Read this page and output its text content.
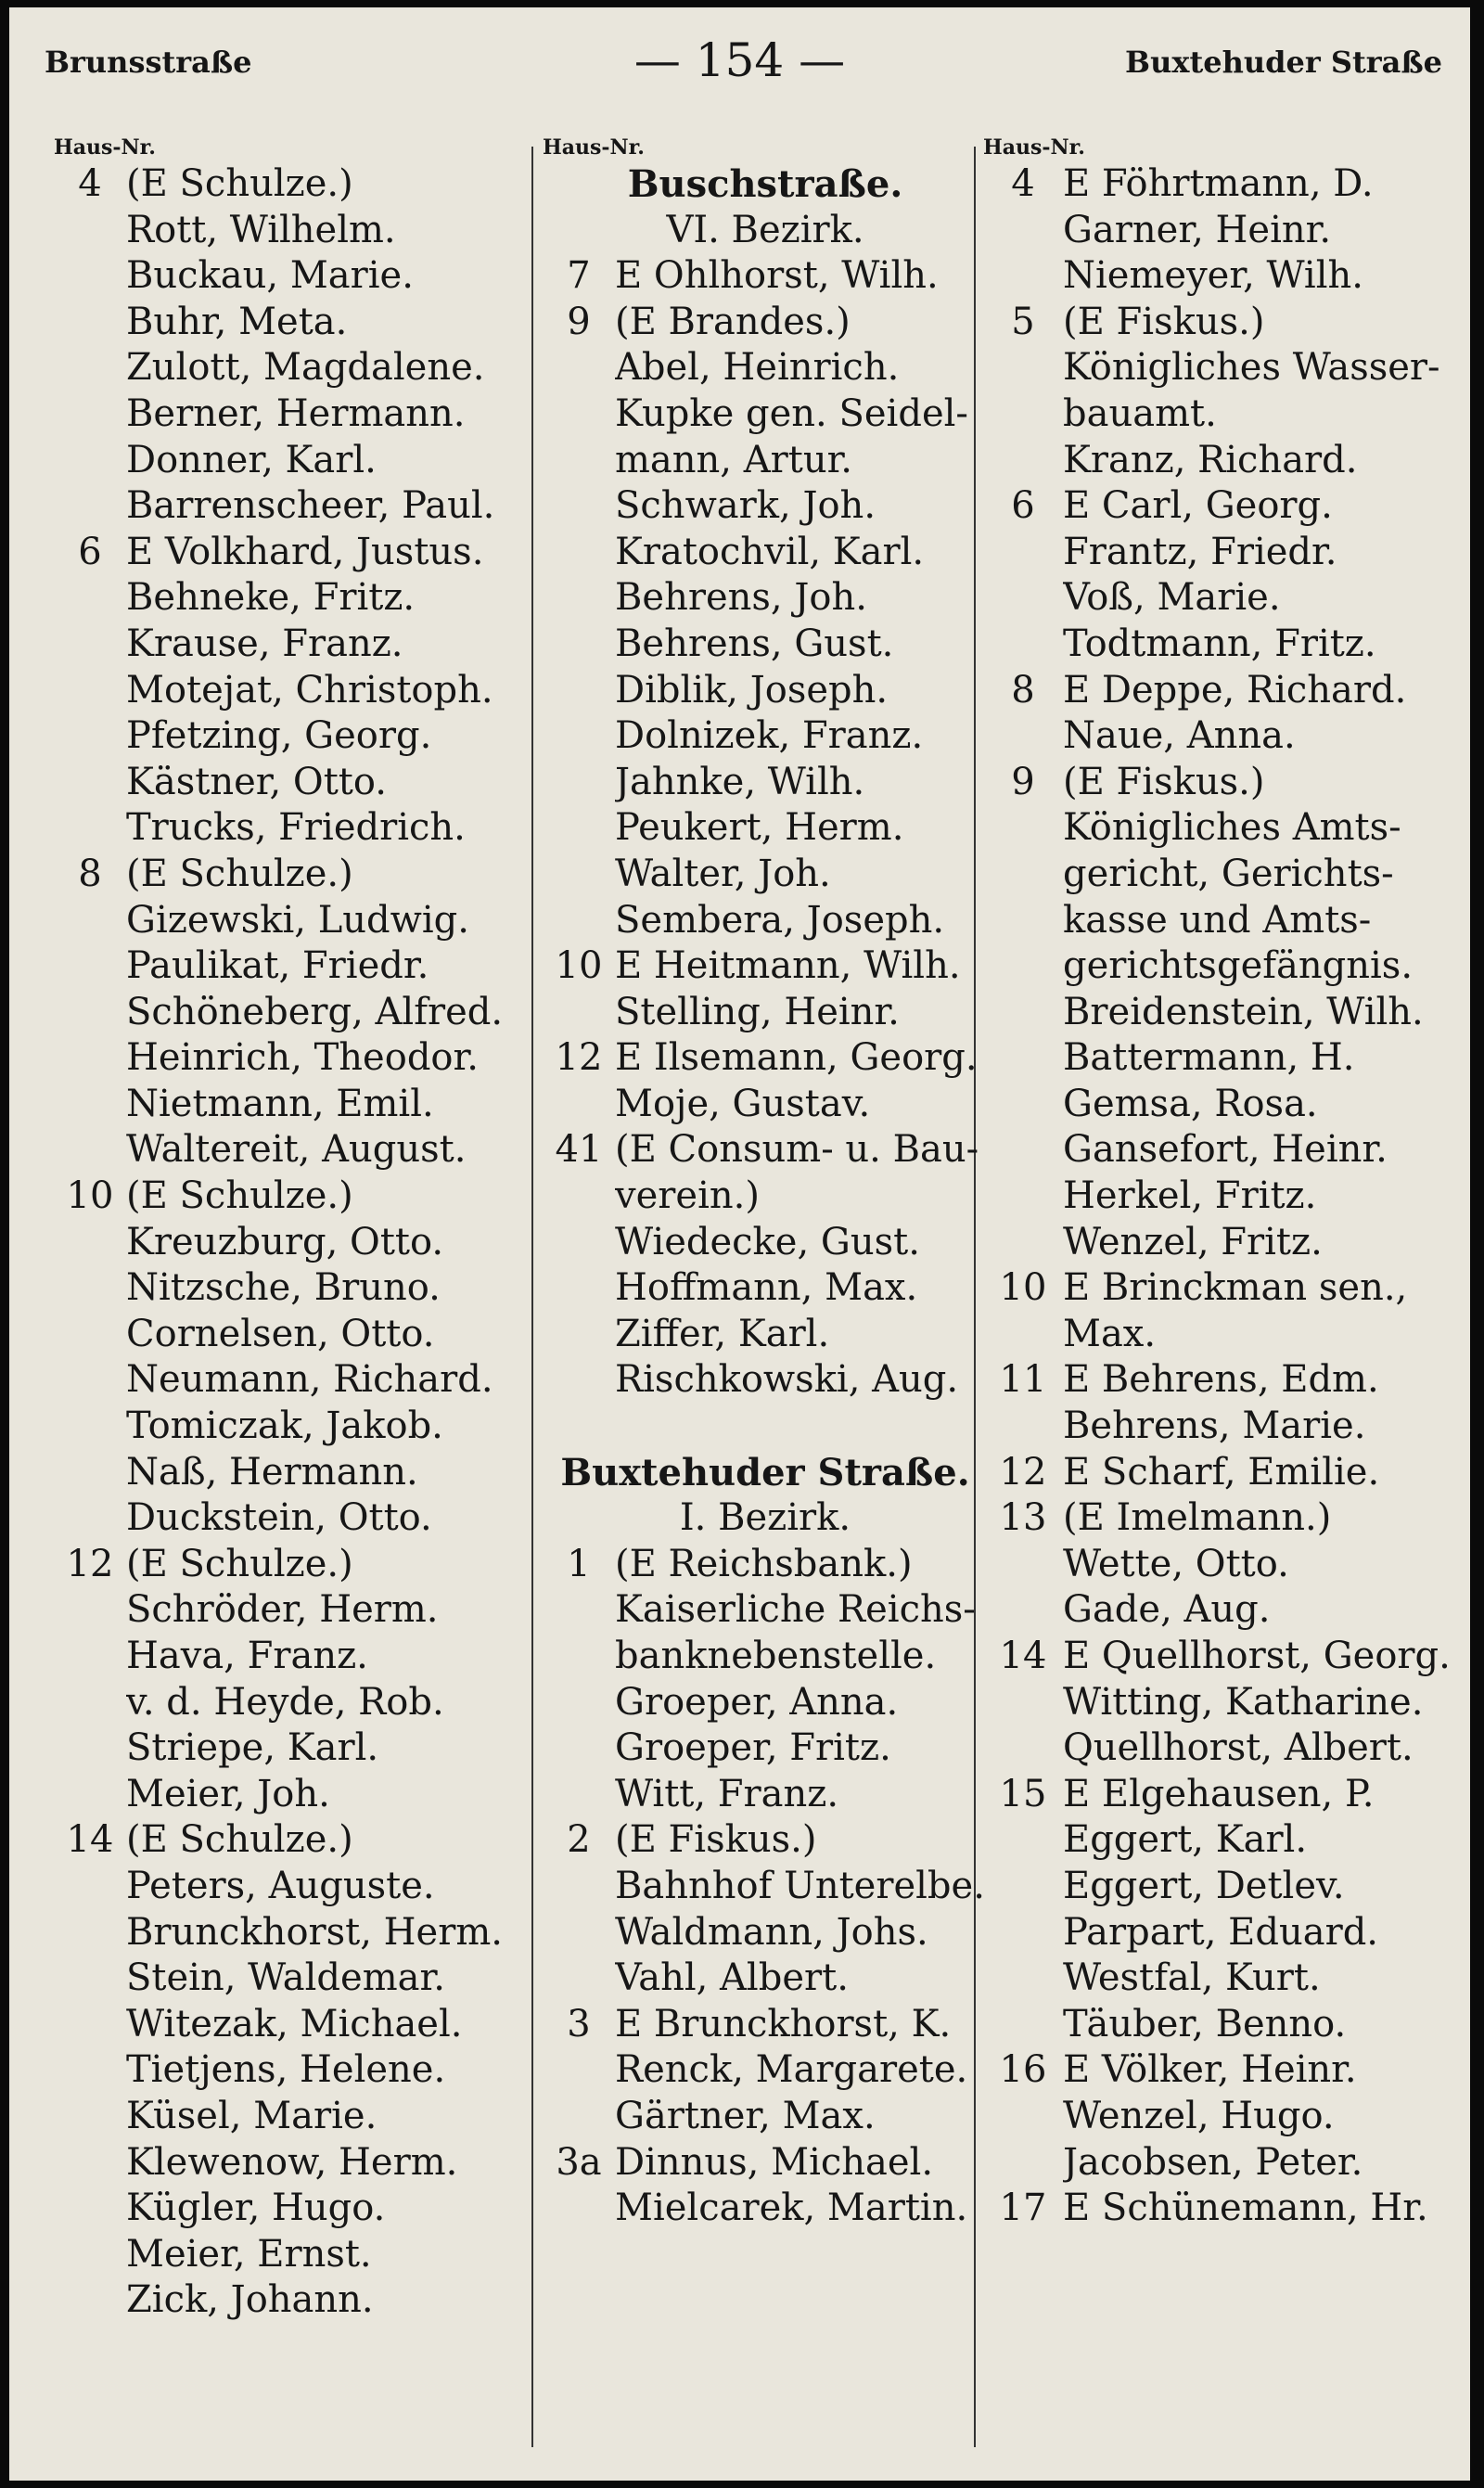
Brunsstraße	— 154 —	Buxtehuder Straße
Haus-Nr.
4 (E Schulze.)
Rott, Wilhelm.
Buckau, Marie.
Buhr, Meta.
Zulott, Magdalene.
Berner, Hermann.
Donner, Karl.
Barrenscheer, Paul.
6 E Volkhard, Justus.
Behneke, Fritz.
Krause, Franz.
Motejat, Christoph.
Pfetzing, Georg.
Kästner, Otto.
Trucks, Friedrich.
8 (E Schulze.)
Gizewski, Ludwig.
Paulikat, Friedr.
Schöneberg, Alfred.
Heinrich, Theodor.
Nietmann, Emil.
Waltereit, August.
10 (E Schulze.)
Kreuzburg, Otto.
Nitzsche, Bruno.
Cornelsen, Otto.
Neumann, Richard.
Tomiczak, Jakob.
Naß, Hermann.
Duckstein, Otto.
12 (E Schulze.)
Schröder, Herm.
Hava, Franz.
v. d. Heyde, Rob.
Striepe, Karl.
Meier, Joh.
14 (E Schulze.)
Peters, Auguste.
Brunckhorst, Herm.
Stein, Waldemar.
Witezak, Michael.
Tietjens, Helene.
Küsel, Marie.
Klewenow, Herm.
Kügler, Hugo.
Meier, Ernst.
Zick, Johann.
Haus-Nr.
Buschstraße.
VI. Bezirk.
7 E Ohlhorst, Wilh.
9 (E Brandes.)
Abel, Heinrich.
Kupke gen. Seidel-
mann, Artur.
Schwark, Joh.
Kratochvil, Karl.
Behrens, Joh.
Behrens, Gust.
Diblik, Joseph.
Dolnizek, Franz.
Jahnke, Wilh.
Peukert, Herm.
Walter, Joh.
Sembera, Joseph.
10 E Heitmann, Wilh.
Stelling, Heinr.
12 E Ilsemann, Georg.
Moje, Gustav.
41 (E Consum- u. Bau-
verein.)
Wiedecke, Gust.
Hoffmann, Max.
Ziffer, Karl.
Rischkowski, Aug.
Buxtehuder Straße.
I. Bezirk.
1 (E Reichsbank.)
Kaiserliche Reichs-
banknebenstelle.
Groeper, Anna.
Groeper, Fritz.
Witt, Franz.
2 (E Fiskus.)
Bahnhof Unterelbe.
Waldmann, Johs.
Vahl, Albert.
3 E Brunckhorst, K.
Renck, Margarete.
Gärtner, Max.
3a Dinnus, Michael.
Mielcarek, Martin.
Haus-Nr.
4 E Föhrtmann, D.
Garner, Heinr.
Niemeyer, Wilh.
5 (E Fiskus.)
Königliches Wasser-
bauamt.
Kranz, Richard.
6 E Carl, Georg.
Frantz, Friedr.
Voß, Marie.
Todtmann, Fritz.
8 E Deppe, Richard.
Naue, Anna.
9 (E Fiskus.)
Königliches Amts-
gericht, Gerichts-
kasse und Amts-
gerichtsgefängnis.
Breidenstein, Wilh.
Battermann, H.
Gemsa, Rosa.
Gansefort, Heinr.
Herkel, Fritz.
Wenzel, Fritz.
10 E Brinckman sen.,
Max.
11 E Behrens, Edm.
Behrens, Marie.
12 E Scharf, Emilie.
13 (E Imelmann.)
Wette, Otto.
Gade, Aug.
14 E Quellhorst, Georg.
Witting, Katharine.
Quellhorst, Albert.
15 E Elgehausen, P.
Eggert, Karl.
Eggert, Detlev.
Parpart, Eduard.
Westfal, Kurt.
Täuber, Benno.
16 E Völker, Heinr.
Wenzel, Hugo.
Jacobsen, Peter.
17 E Schünemann, Hr.
